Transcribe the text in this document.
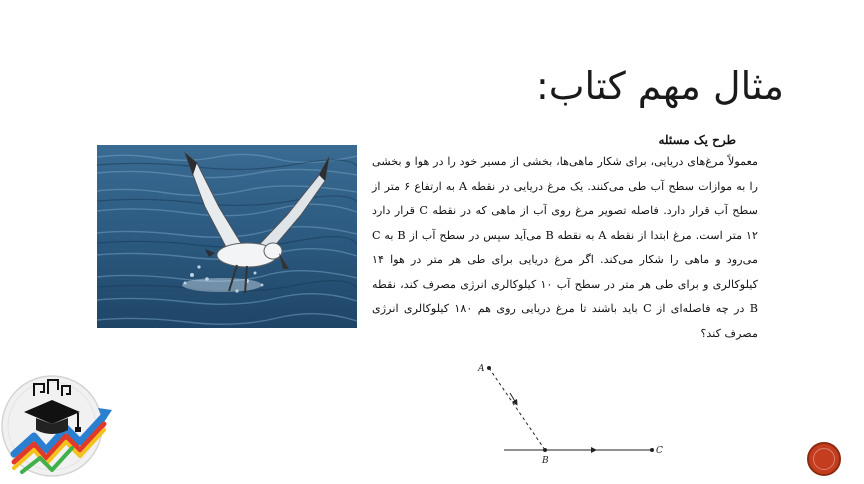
مثال مهم کتاب:
طرح یک مسئله

معمولاً مرغ‌های دریایی، برای شکار ماهی‌ها، بخشی از مسیر خود را در هوا و بخشی را به موازات سطح آب طی می‌کنند. یک مرغ دریایی در نقطه A به ارتفاع ۶ متر از سطح آب قرار دارد. فاصله تصویر مرغ روی آب از ماهی که در نقطه C قرار دارد ۱۲ متر است. مرغ ابتدا از نقطه A به نقطه B می‌آید سپس در سطح آب از B به C می‌رود و ماهی را شکار می‌کند. اگر مرغ دریایی برای طی هر متر در هوا ۱۴ کیلوکالری و برای طی هر متر در سطح آب ۱۰ کیلوکالری انرژی مصرف کند، نقطه B در چه فاصله‌ای از C باید باشند تا مرغ دریایی روی هم ۱۸۰ کیلوکالری انرژی مصرف کند؟

A
B
C
